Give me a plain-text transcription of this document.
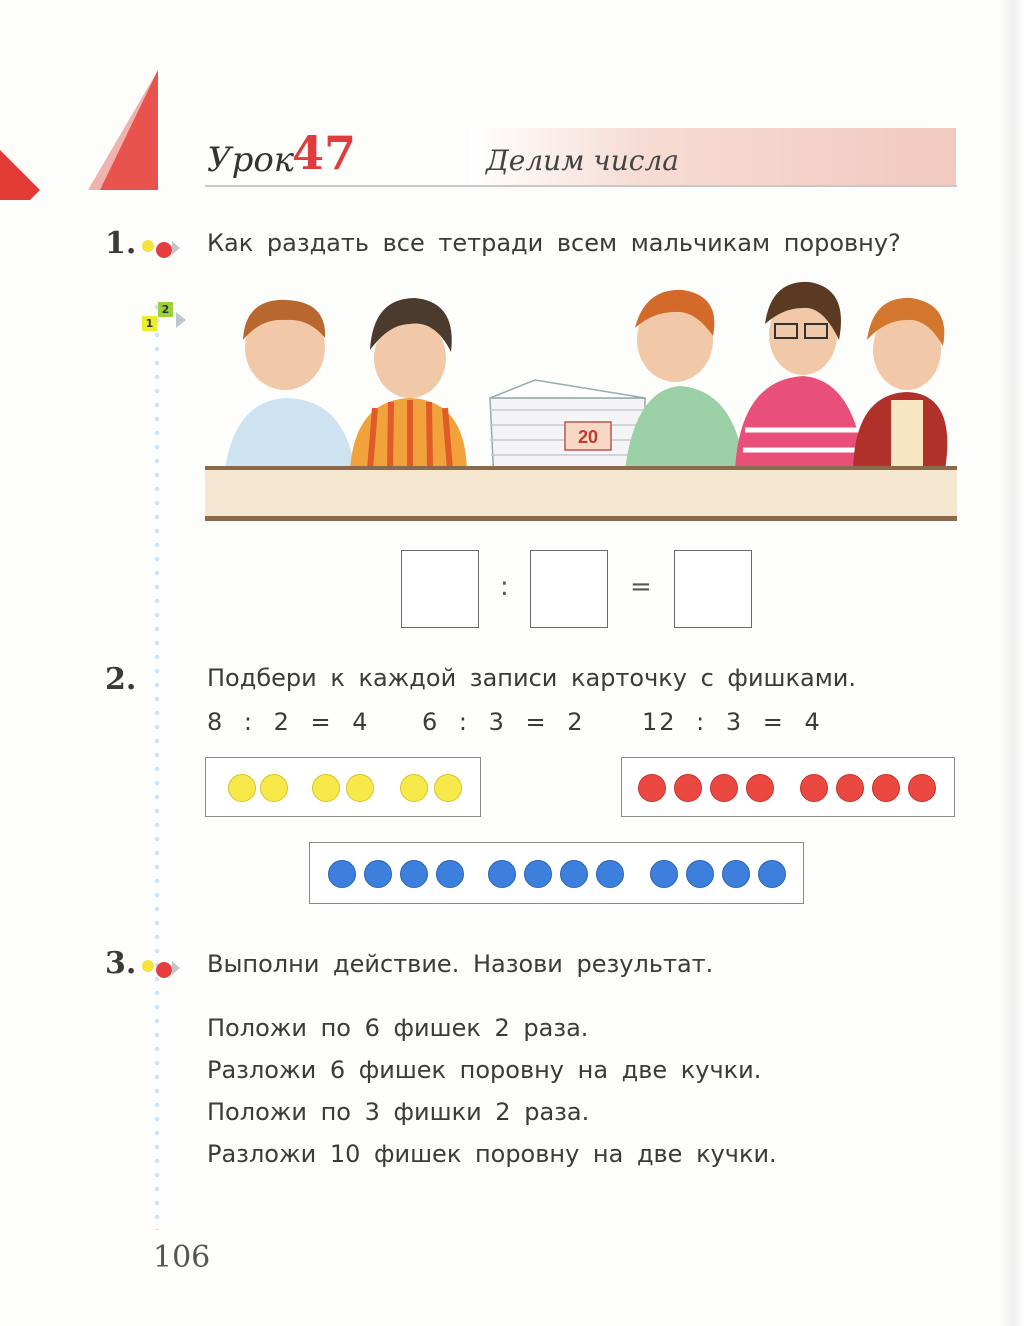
Урок
47	Делим числа
1.	Как раздать все тетради всем мальчикам поровну?
1
2
20
:	=
2.	Подбери к каждой записи карточку с фишками.
8 : 2 = 4 6 : 3 = 2 12 : 3 = 4
3.	Выполни действие. Назови результат.
Положи по 6 фишек 2 раза.
Разложи 6 фишек поровну на две кучки.
Положи по 3 фишки 2 раза.
Разложи 10 фишек поровну на две кучки.
106
